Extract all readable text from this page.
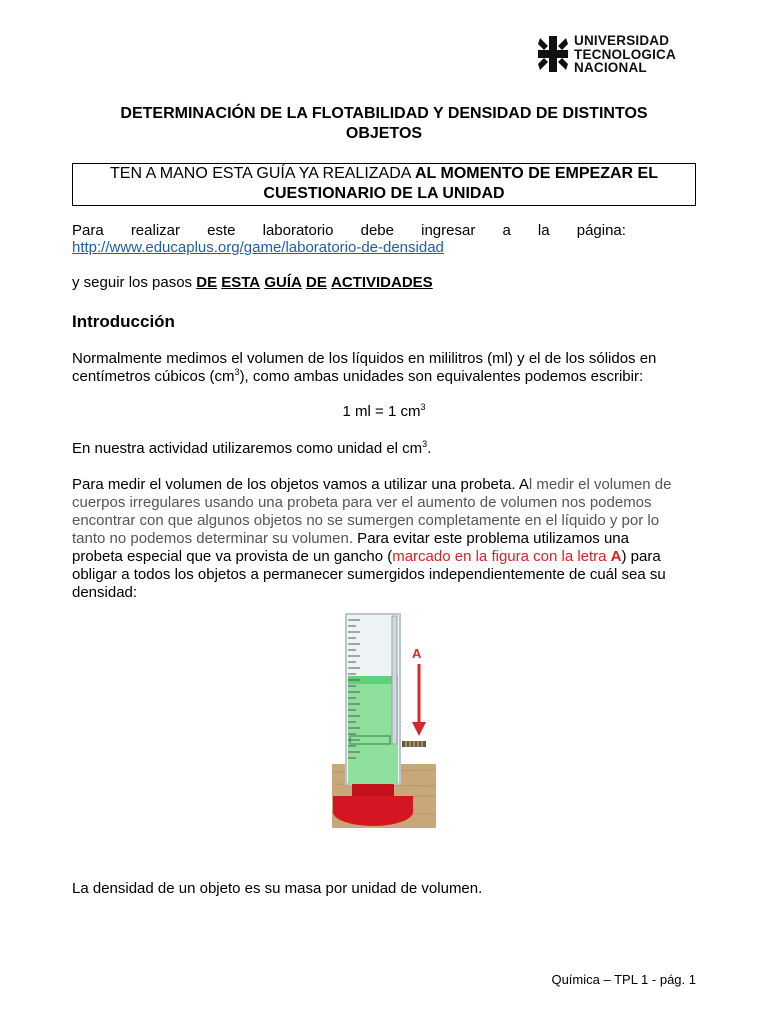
UNIVERSIDAD
TECNOLOGICA
NACIONAL
DETERMINACIÓN DE LA FLOTABILIDAD Y DENSIDAD DE DISTINTOS
OBJETOS
TEN A MANO ESTA GUÍA YA REALIZADA AL MOMENTO DE EMPEZAR EL
CUESTIONARIO DE LA UNIDAD
Para realizar este laboratorio debe ingresar a la página:
http://www.educaplus.org/game/laboratorio-de-densidad
y seguir los pasos DE ESTA GUÍA DE ACTIVIDADES
Introducción
Normalmente medimos el volumen de los líquidos en mililitros (ml) y el de los sólidos en
centímetros cúbicos $(cm^3)$, como ambas unidades son equivalentes podemos escribir:
1 ml = 1 $cm^3$
En nuestra actividad utilizaremos como unidad el $cm^3$.
Para medir el volumen de los objetos vamos a utilizar una probeta. Al medir el volumen de
cuerpos irregulares usando una probeta para ver el aumento de volumen nos podemos
encontrar con que algunos objetos no se sumergen completamente en el líquido y por lo
tanto no podemos determinar su volumen. Para evitar este problema utilizamos una
probeta especial que va provista de un gancho (marcado en la figura con la letra A) para
obligar a todos los objetos a permanecer sumergidos independientemente de cuál sea su
densidad:
A
La densidad de un objeto es su masa por unidad de volumen.
Química – TPL 1 - pág. 1
